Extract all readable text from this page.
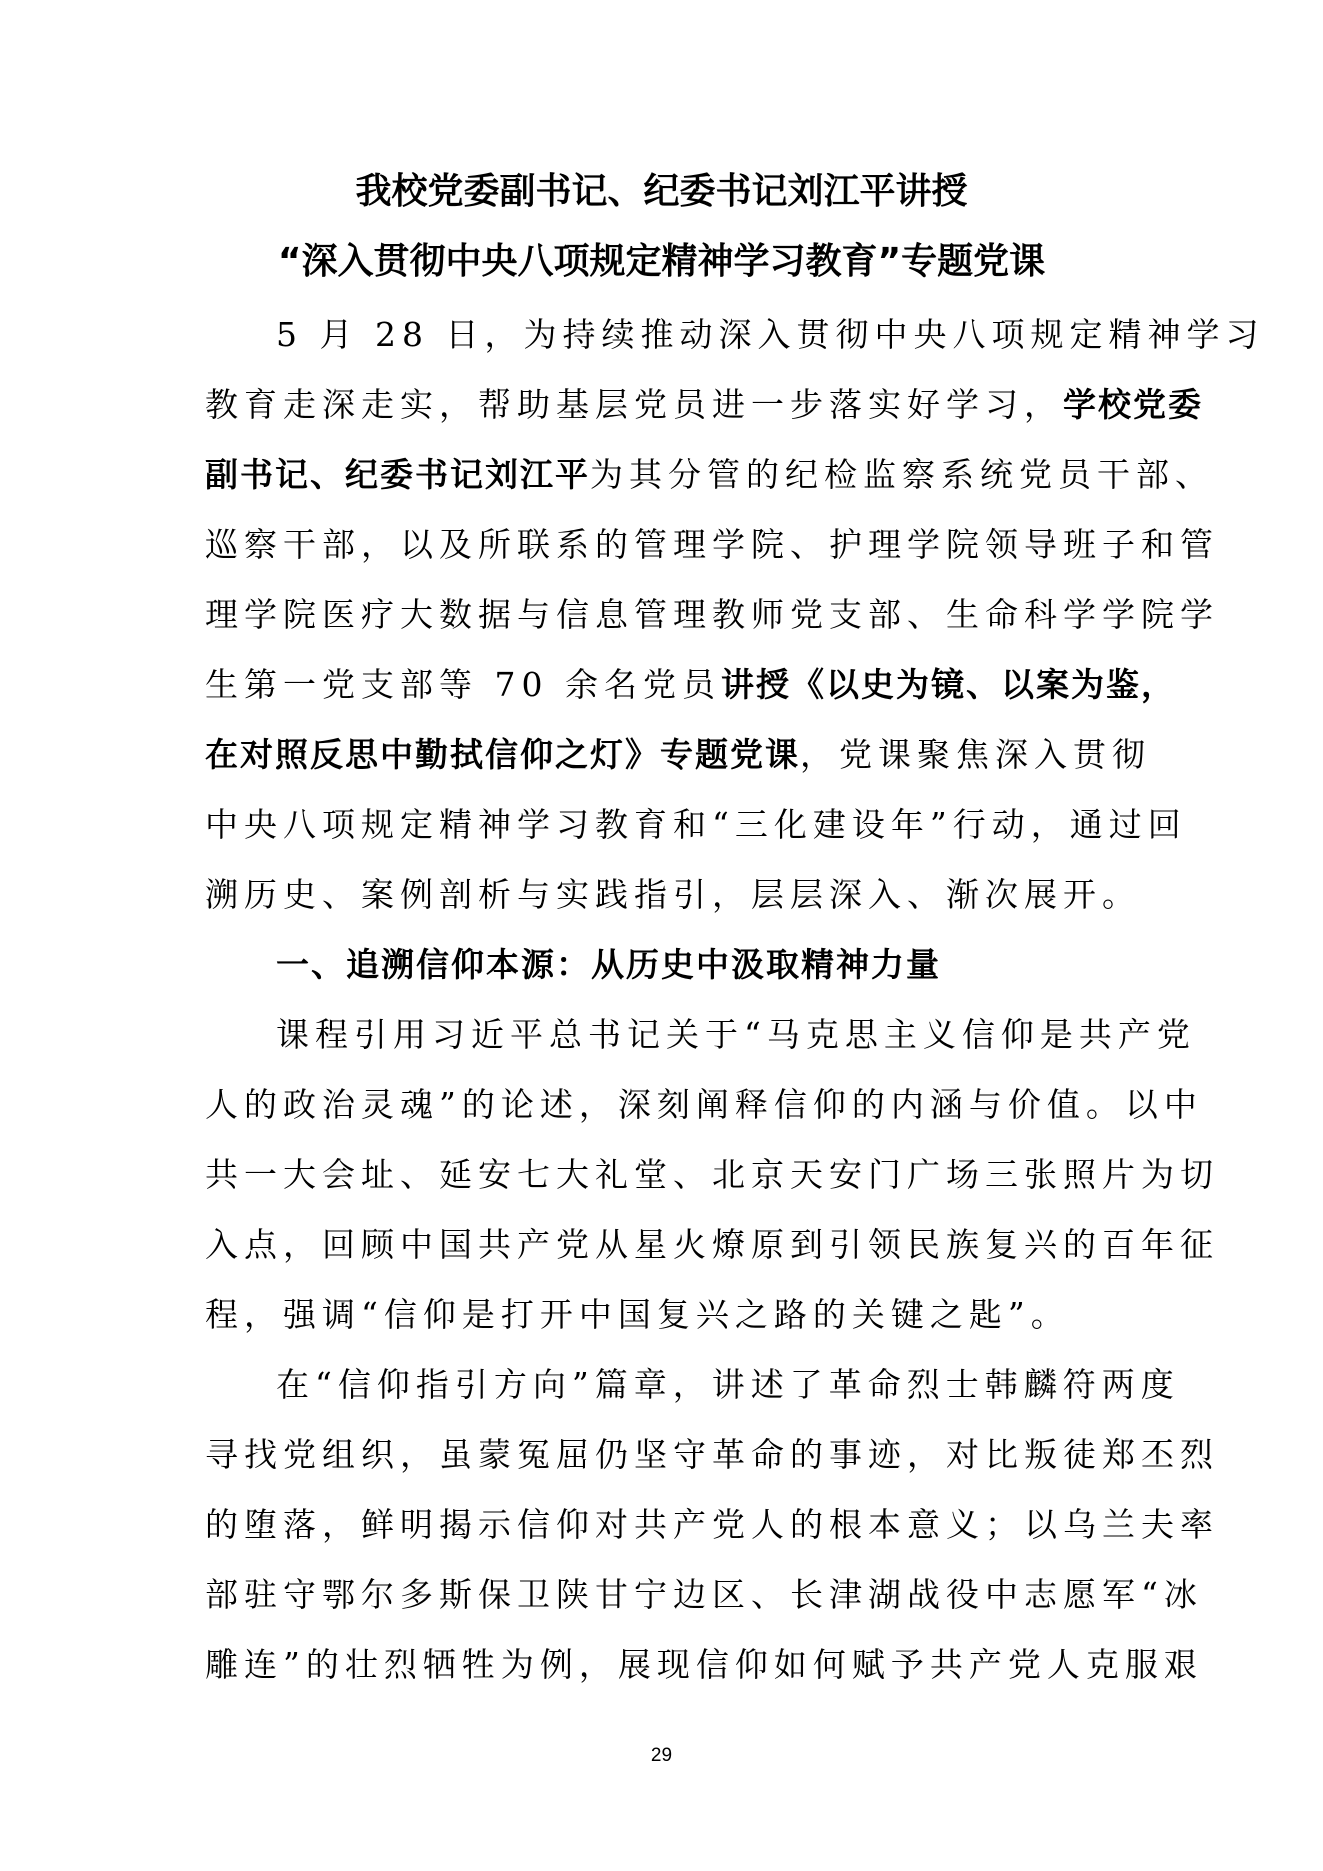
我校党委副书记、纪委书记刘江平讲授
“深入贯彻中央八项规定精神学习教育”专题党课
5 月 28 日，为持续推动深入贯彻中央八项规定精神学习
教育走深走实，帮助基层党员进一步落实好学习，学校党委
副书记、纪委书记刘江平为其分管的纪检监察系统党员干部、
巡察干部，以及所联系的管理学院、护理学院领导班子和管
理学院医疗大数据与信息管理教师党支部、生命科学学院学
生第一党支部等 70 余名党员讲授《以史为镜、以案为鉴，
在对照反思中勤拭信仰之灯》专题党课，党课聚焦深入贯彻
中央八项规定精神学习教育和“三化建设年”行动，通过回
溯历史、案例剖析与实践指引，层层深入、渐次展开。
一、追溯信仰本源：从历史中汲取精神力量
课程引用习近平总书记关于“马克思主义信仰是共产党
人的政治灵魂”的论述，深刻阐释信仰的内涵与价值。以中
共一大会址、延安七大礼堂、北京天安门广场三张照片为切
入点，回顾中国共产党从星火燎原到引领民族复兴的百年征
程，强调“信仰是打开中国复兴之路的关键之匙”。
在“信仰指引方向”篇章，讲述了革命烈士韩麟符两度
寻找党组织，虽蒙冤屈仍坚守革命的事迹，对比叛徒郑丕烈
的堕落，鲜明揭示信仰对共产党人的根本意义；以乌兰夫率
部驻守鄂尔多斯保卫陕甘宁边区、长津湖战役中志愿军“冰
雕连”的壮烈牺牲为例，展现信仰如何赋予共产党人克服艰
29
